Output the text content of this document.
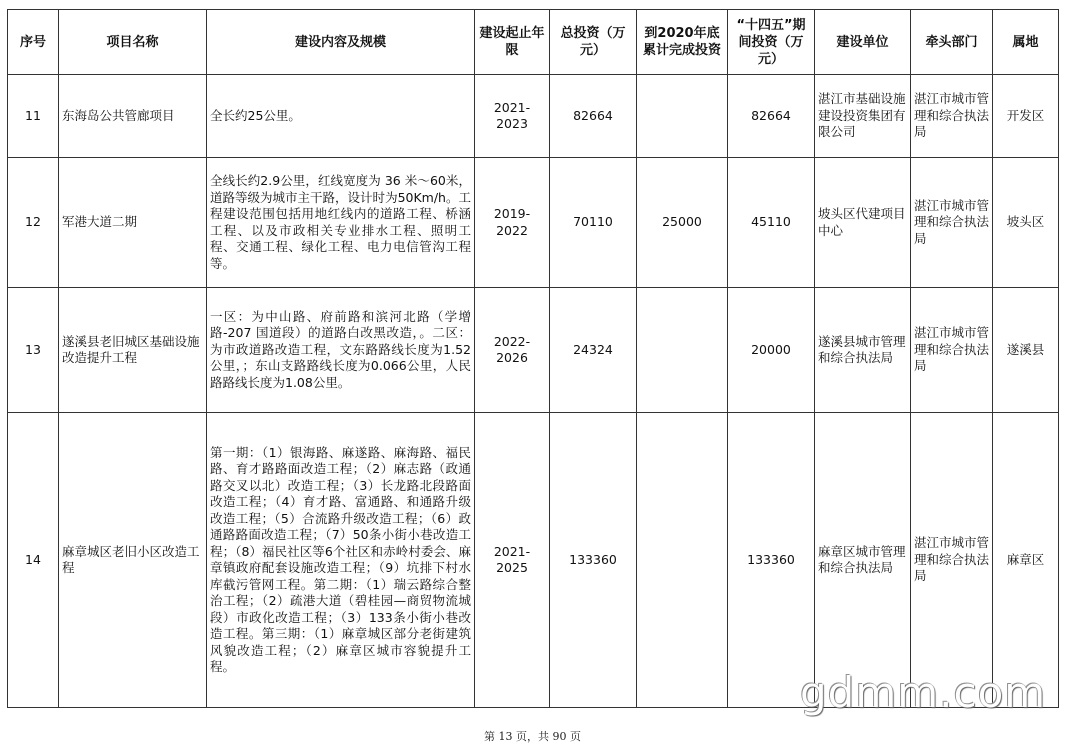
序号	项目名称	建设内容及规模	建设起止年限	总投资（万元）	到2020年底累计完成投资	“十四五”期间投资（万元）	建设单位	牵头部门	属地
11	东海岛公共管廊项目	全长约25公里。	2021-2023	82664		82664	湛江市基础设施建设投资集团有限公司	湛江市城市管理和综合执法局	开发区
12	军港大道二期	全线长约2.9公里，红线宽度为 36 米～60米，道路等级为城市主干路，设计时为50Km/h。工程建设范围包括用地红线内的道路工程、桥涵工程、以及市政相关专业排水工程、照明工程、交通工程、绿化工程、电力电信管沟工程等。	2019-2022	70110	25000	45110	坡头区代建项目中心	湛江市城市管理和综合执法局	坡头区
13	遂溪县老旧城区基础设施改造提升工程	一区：为中山路、府前路和滨河北路（学增路-207 国道段）的道路白改黑改造，。二区：为市政道路改造工程，文东路路线长度为1.52公里，；东山支路路线长度为0.066公里，人民路路线长度为1.08公里。	2022-2026	24324		20000	遂溪县城市管理和综合执法局	湛江市城市管理和综合执法局	遂溪县
14	麻章城区老旧小区改造工程	第一期：（1）银海路、麻遂路、麻海路、福民路、育才路路面改造工程；（2）麻志路（政通路交叉以北）改造工程；（3）长龙路北段路面改造工程；（4）育才路、富通路、和通路升级改造工程；（5）合流路升级改造工程；（6）政通路路面改造工程；（7）50条小街小巷改造工程；（8）福民社区等6个社区和赤岭村委会、麻章镇政府配套设施改造工程；（9）坑排下村水库截污管网工程。第二期：（1）瑞云路综合整治工程；（2）疏港大道（碧桂园—商贸物流城段）市政化改造工程；（3）133条小街小巷改造工程。第三期：（1）麻章城区部分老街建筑风貌改造工程；（2）麻章区城市容貌提升工程。	2021-2025	133360		133360	麻章区城市管理和综合执法局	湛江市城市管理和综合执法局	麻章区
gdmm.com
第 13 页，共 90 页
